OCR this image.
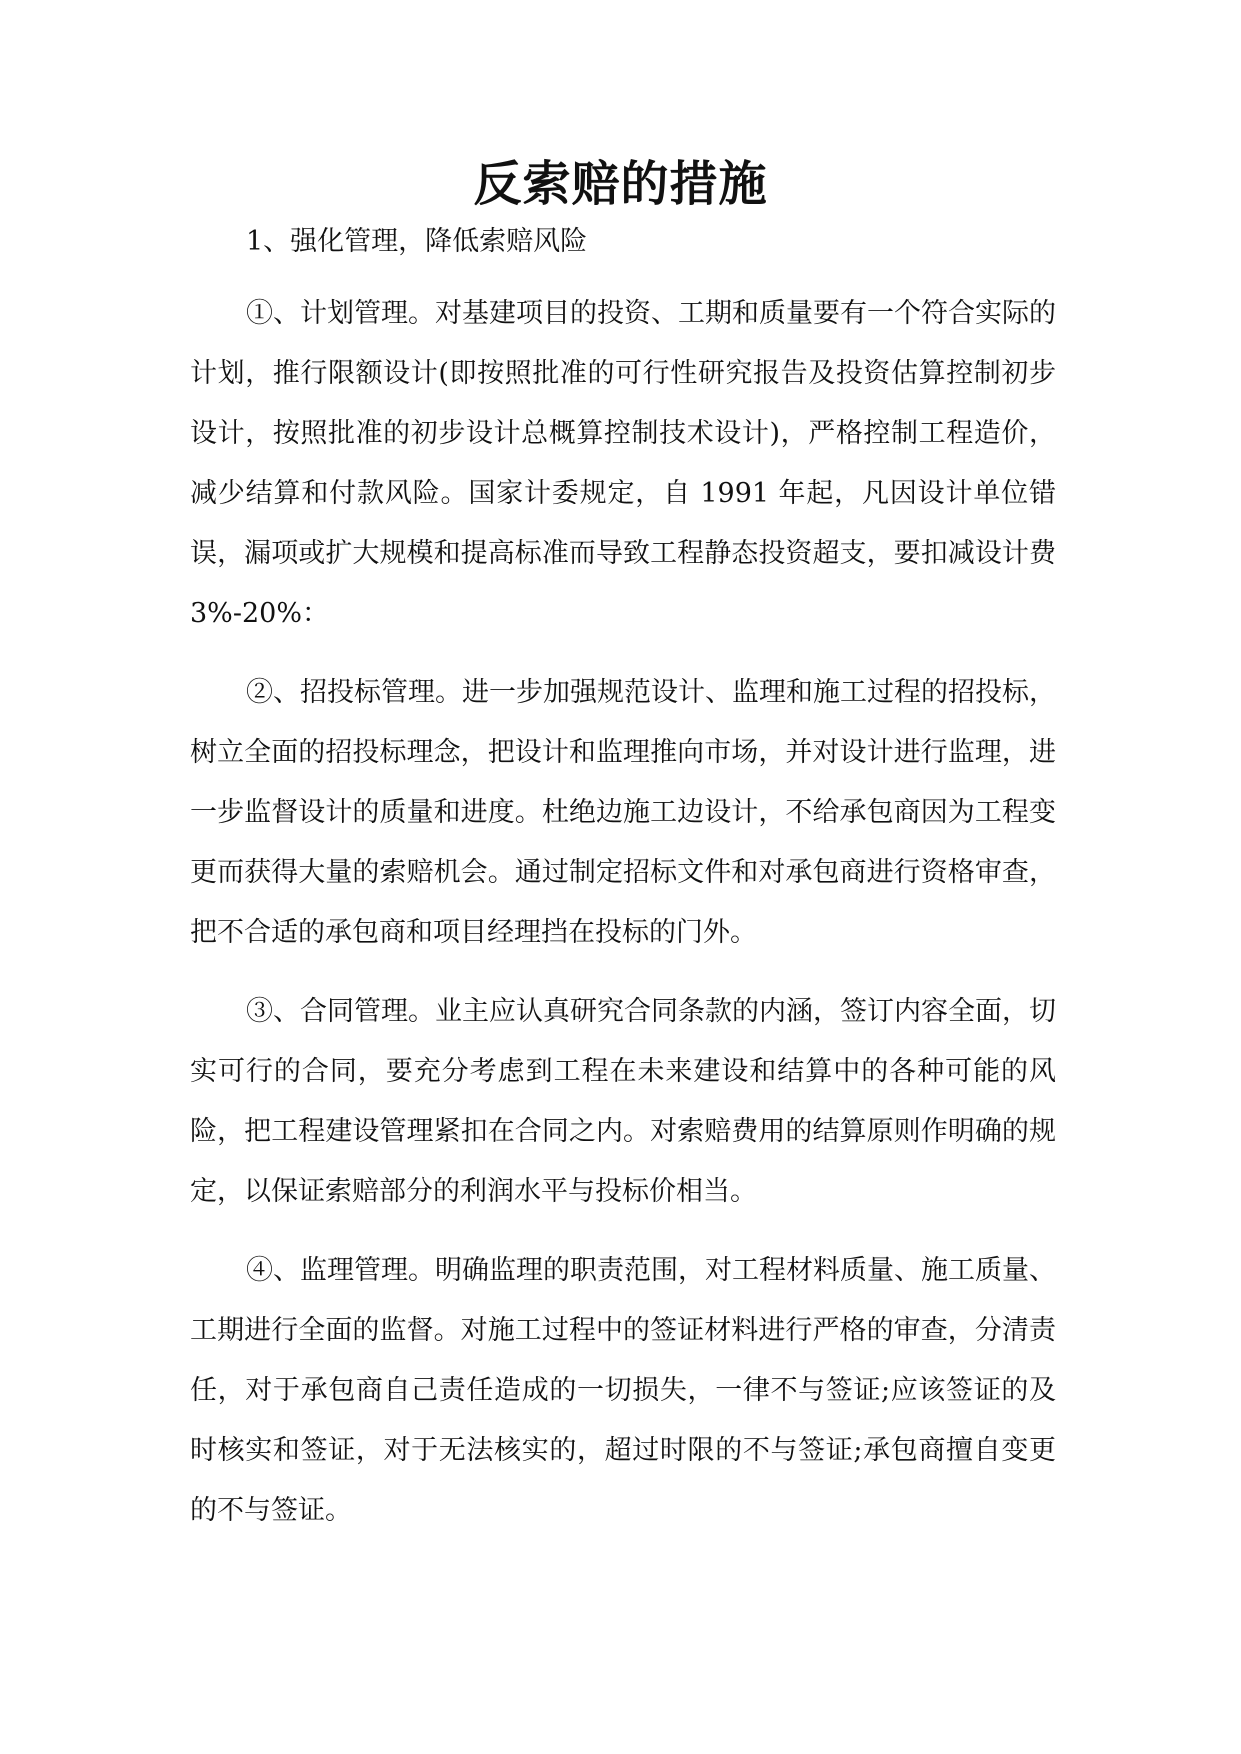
反索赔的措施

1、强化管理，降低索赔风险

①、计划管理。对基建项目的投资、工期和质量要有一个符合实际的计划，推行限额设计(即按照批准的可行性研究报告及投资估算控制初步设计，按照批准的初步设计总概算控制技术设计)，严格控制工程造价，减少结算和付款风险。国家计委规定，自 1991 年起，凡因设计单位错误，漏项或扩大规模和提高标准而导致工程静态投资超支，要扣减设计费 3%-20%：

②、招投标管理。进一步加强规范设计、监理和施工过程的招投标，树立全面的招投标理念，把设计和监理推向市场，并对设计进行监理，进一步监督设计的质量和进度。杜绝边施工边设计，不给承包商因为工程变更而获得大量的索赔机会。通过制定招标文件和对承包商进行资格审查，把不合适的承包商和项目经理挡在投标的门外。

③、合同管理。业主应认真研究合同条款的内涵，签订内容全面，切实可行的合同，要充分考虑到工程在未来建设和结算中的各种可能的风险，把工程建设管理紧扣在合同之内。对索赔费用的结算原则作明确的规定，以保证索赔部分的利润水平与投标价相当。

④、监理管理。明确监理的职责范围，对工程材料质量、施工质量、工期进行全面的监督。对施工过程中的签证材料进行严格的审查，分清责任，对于承包商自己责任造成的一切损失，一律不与签证;应该签证的及时核实和签证，对于无法核实的，超过时限的不与签证;承包商擅自变更的不与签证。
